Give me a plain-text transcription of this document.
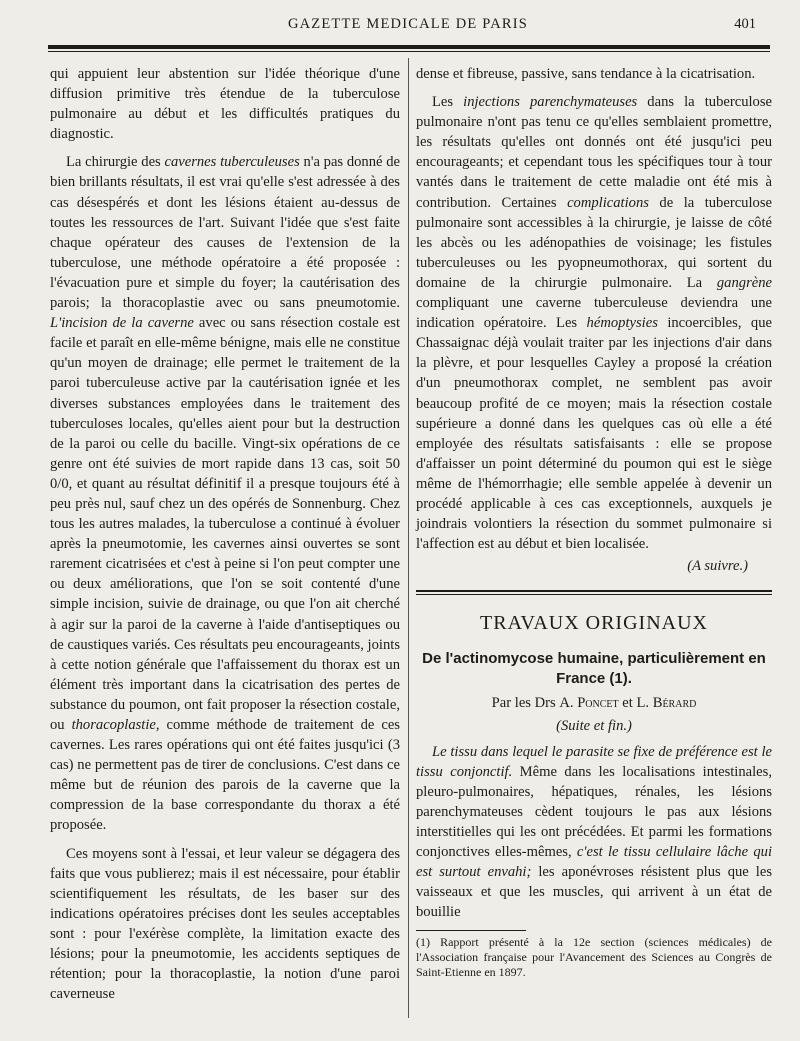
GAZETTE MEDICALE DE PARIS	401

qui appuient leur abstention sur l'idée théorique d'une diffusion primitive très étendue de la tuberculose pulmonaire au début et les difficultés pratiques du diagnostic.

La chirurgie des cavernes tuberculeuses n'a pas donné de bien brillants résultats, il est vrai qu'elle s'est adressée à des cas désespérés et dont les lésions étaient au-dessus de toutes les ressources de l'art. Suivant l'idée que s'est faite chaque opérateur des causes de l'extension de la tuberculose, une méthode opératoire a été proposée : l'évacuation pure et simple du foyer; la cautérisation des parois; la thoracoplastie avec ou sans pneumotomie. L'incision de la caverne avec ou sans résection costale est facile et paraît en elle-même bénigne, mais elle ne constitue qu'un moyen de drainage; elle permet le traitement de la paroi tuberculeuse active par la cautérisation ignée et les diverses substances employées dans le traitement des tuberculoses locales, qu'elles aient pour but la destruction de la paroi ou celle du bacille. Vingt-six opérations de ce genre ont été suivies de mort rapide dans 13 cas, soit 50 0/0, et quant au résultat définitif il a presque toujours été à peu près nul, sauf chez un des opérés de Sonnenburg. Chez tous les autres malades, la tuberculose a continué à évoluer après la pneumotomie, les cavernes ainsi ouvertes se sont rarement cicatrisées et c'est à peine si l'on peut compter une ou deux améliorations, que l'on se soit contenté d'une simple incision, suivie de drainage, ou que l'on ait cherché à agir sur la paroi de la caverne à l'aide d'antiseptiques ou de caustiques variés. Ces résultats peu encourageants, joints à cette notion générale que l'affaissement du thorax est un élément très important dans la cicatrisation des pertes de substance du poumon, ont fait proposer la résection costale, ou thoracoplastie, comme méthode de traitement de ces cavernes. Les rares opérations qui ont été faites jusqu'ici (3 cas) ne permettent pas de tirer de conclusions. C'est dans ce même but de réunion des parois de la caverne que la compression de la base correspondante du thorax a été proposée.

Ces moyens sont à l'essai, et leur valeur se dégagera des faits que vous publierez; mais il est nécessaire, pour établir scientifiquement les résultats, de les baser sur des indications opératoires précises dont les seules acceptables sont : pour l'exérèse complète, la limitation exacte des lésions; pour la pneumotomie, les accidents septiques de rétention; pour la thoracoplastie, la notion d'une paroi caverneuse

dense et fibreuse, passive, sans tendance à la cicatrisation.

Les injections parenchymateuses dans la tuberculose pulmonaire n'ont pas tenu ce qu'elles semblaient promettre, les résultats qu'elles ont donnés ont été jusqu'ici peu encourageants; et cependant tous les spécifiques tour à tour vantés dans le traitement de cette maladie ont été mis à contribution. Certaines complications de la tuberculose pulmonaire sont accessibles à la chirurgie, je laisse de côté les abcès ou les adénopathies de voisinage; les fistules tuberculeuses ou les pyopneumothorax, qui sortent du domaine de la chirurgie pulmonaire. La gangrène compliquant une caverne tuberculeuse deviendra une indication opératoire. Les hémoptysies incoercibles, que Chassaignac déjà voulait traiter par les injections d'air dans la plèvre, et pour lesquelles Cayley a proposé la création d'un pneumothorax complet, ne semblent pas avoir beaucoup profité de ce moyen; mais la résection costale supérieure a donné dans les quelques cas où elle a été employée des résultats satisfaisants : elle se propose d'affaisser un point déterminé du poumon qui est le siège même de l'hémorrhagie; elle semble appelée à devenir un procédé applicable à ces cas exceptionnels, auxquels je joindrais volontiers la résection du sommet pulmonaire si l'affection est au début et bien localisée.

(A suivre.)
TRAVAUX ORIGINAUX
De l'actinomycose humaine, particulièrement en France (1).
Par les Drs A. Poncet et L. Bérard
(Suite et fin.)

Le tissu dans lequel le parasite se fixe de préférence est le tissu conjonctif. Même dans les localisations intestinales, pleuro-pulmonaires, hépatiques, rénales, les lésions parenchymateuses cèdent toujours le pas aux lésions interstitielles qui les ont précédées. Et parmi les formations conjonctives elles-mêmes, c'est le tissu cellulaire lâche qui est surtout envahi; les aponévroses résistent plus que les vaisseaux et que les muscles, qui arrivent à un état de bouillie

(1) Rapport présenté à la 12e section (sciences médicales) de l'Association française pour l'Avancement des Sciences au Congrès de Saint-Etienne en 1897.
